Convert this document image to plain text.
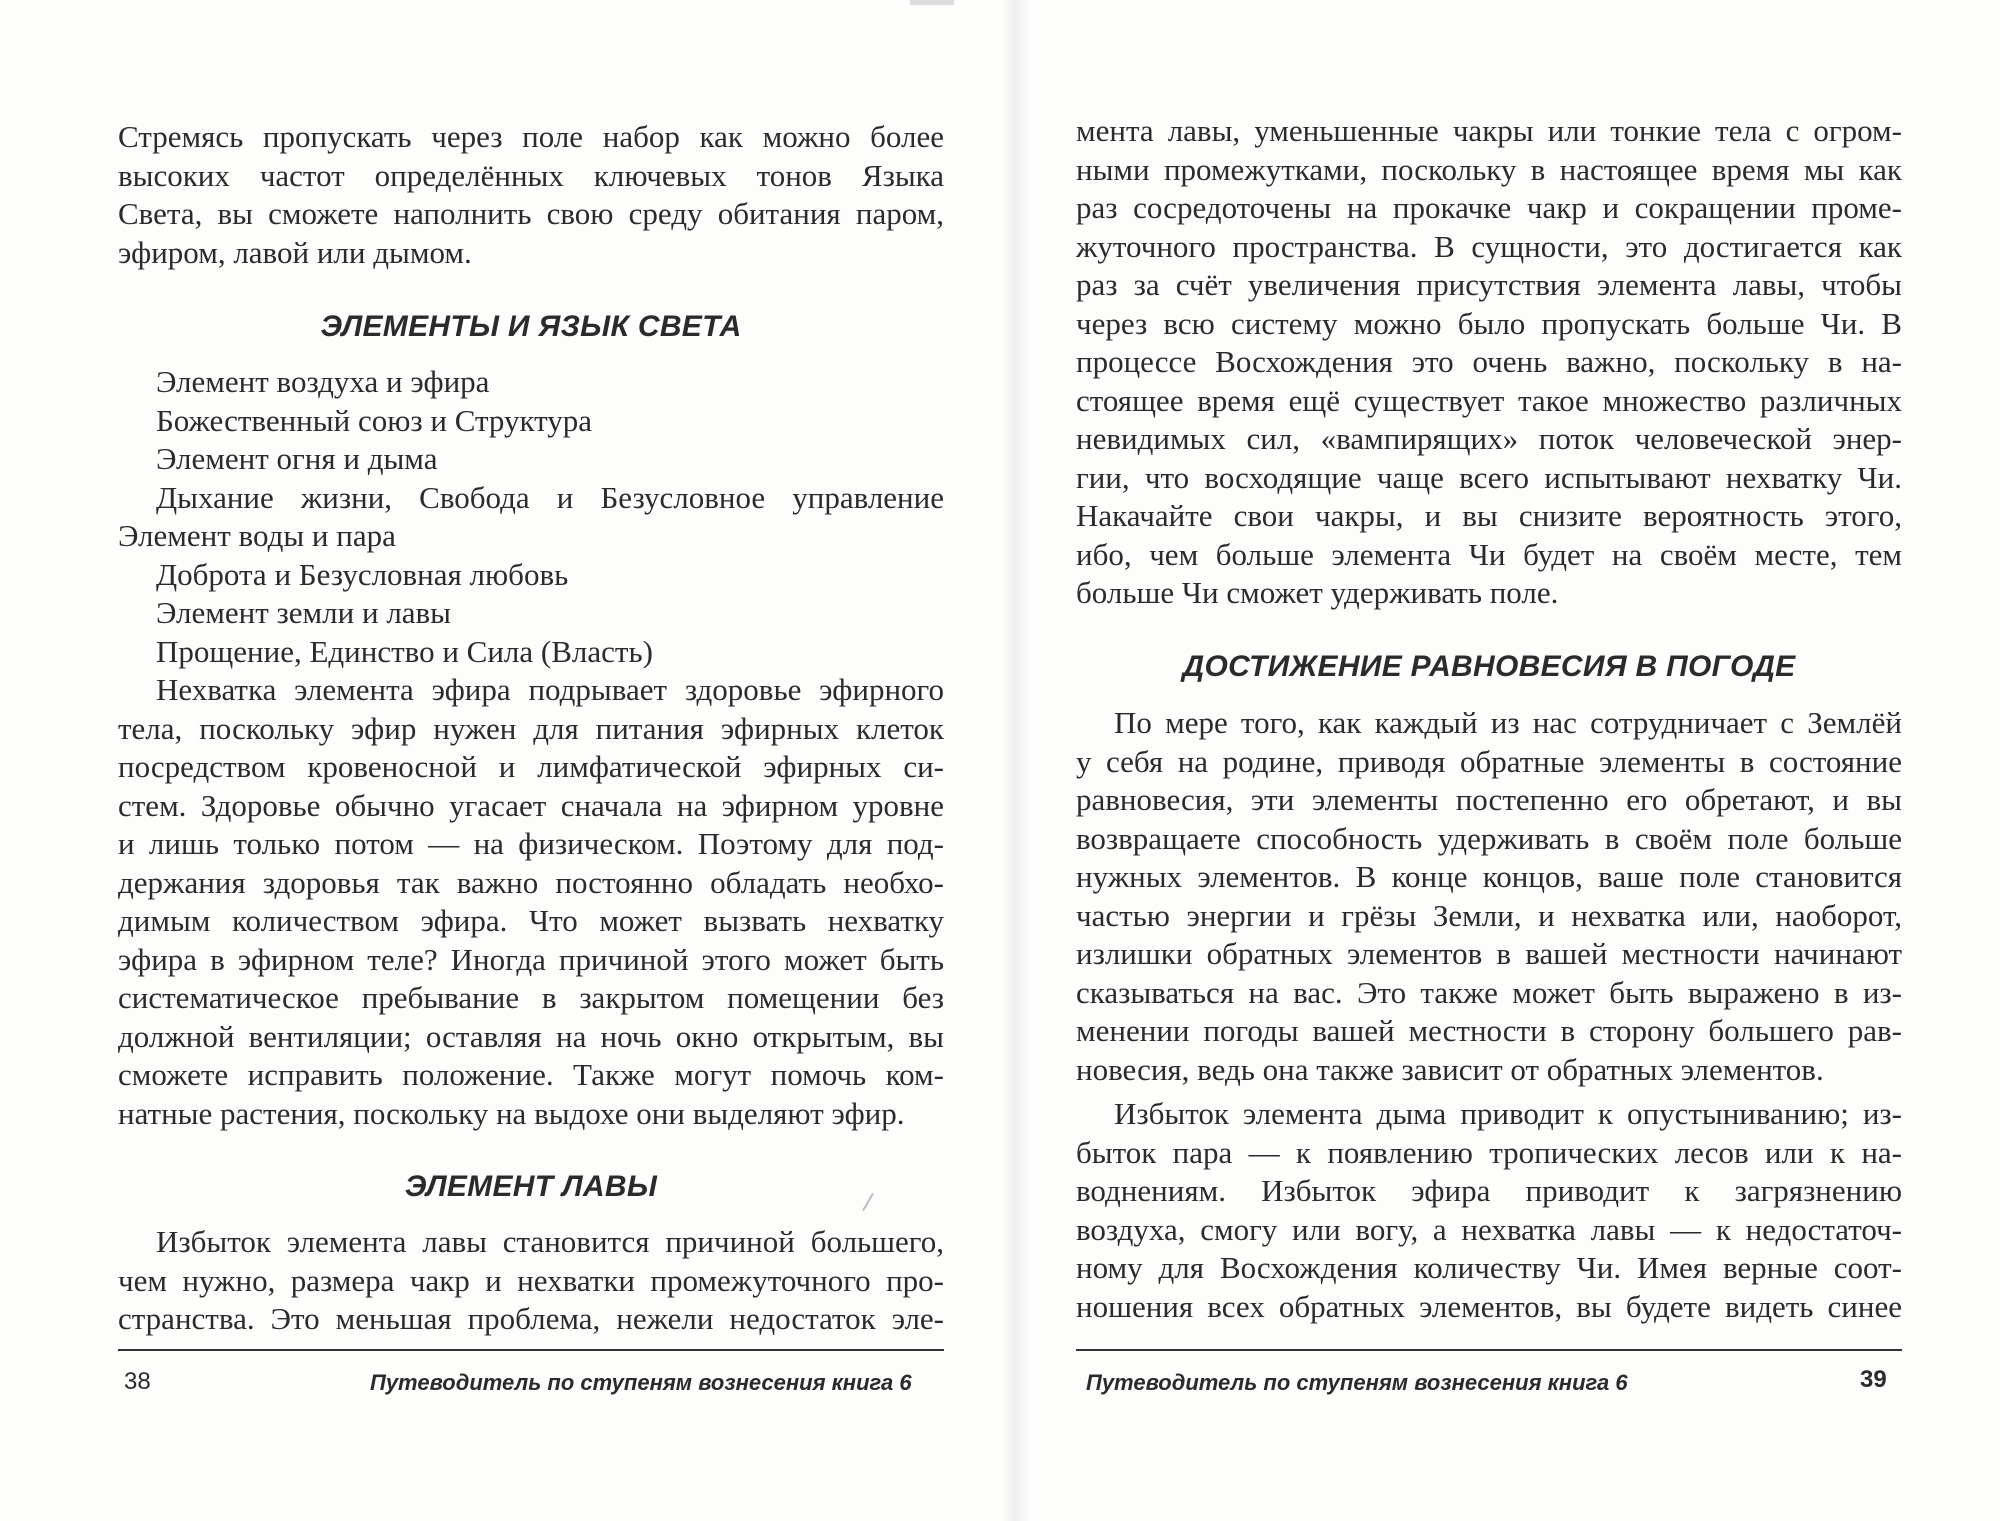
Стремясь пропускать через поле набор как можно более

высоких частот определённых ключевых тонов Языка

Света, вы сможете наполнить свою среду обитания паром,

эфиром, лавой или дымом.

ЭЛЕМЕНТЫ И ЯЗЫК СВЕТА

Элемент воздуха и эфира

Божественный союз и Структура

Элемент огня и дыма

Дыхание жизни, Свобода и Безусловное управление

Элемент воды и пара

Доброта и Безусловная любовь

Элемент земли и лавы

Прощение, Единство и Сила (Власть)

Нехватка элемента эфира подрывает здоровье эфирного

тела, поскольку эфир нужен для питания эфирных клеток

посредством кровеносной и лимфатической эфирных си-

стем. Здоровье обычно угасает сначала на эфирном уровне

и лишь только потом — на физическом. Поэтому для под-

держания здоровья так важно постоянно обладать необхо-

димым количеством эфира. Что может вызвать нехватку

эфира в эфирном теле? Иногда причиной этого может быть

систематическое пребывание в закрытом помещении без

должной вентиляции; оставляя на ночь окно открытым, вы

сможете исправить положение. Также могут помочь ком-

натные растения, поскольку на выдохе они выделяют эфир.

ЭЛЕМЕНТ ЛАВЫ

Избыток элемента лавы становится причиной большего,

чем нужно, размера чакр и нехватки промежуточного про-

странства. Это меньшая проблема, нежели недостаток эле-

38	Путеводитель по ступеням вознесения книга 6

мента лавы, уменьшенные чакры или тонкие тела с огром-

ными промежутками, поскольку в настоящее время мы как

раз сосредоточены на прокачке чакр и сокращении проме-

жуточного пространства. В сущности, это достигается как

раз за счёт увеличения присутствия элемента лавы, чтобы

через всю систему можно было пропускать больше Чи. В

процессе Восхождения это очень важно, поскольку в на-

стоящее время ещё существует такое множество различных

невидимых сил, «вампирящих» поток человеческой энер-

гии, что восходящие чаще всего испытывают нехватку Чи.

Накачайте свои чакры, и вы снизите вероятность этого,

ибо, чем больше элемента Чи будет на своём месте, тем

больше Чи сможет удерживать поле.

ДОСТИЖЕНИЕ РАВНОВЕСИЯ В ПОГОДЕ

По мере того, как каждый из нас сотрудничает с Землёй

у себя на родине, приводя обратные элементы в состояние

равновесия, эти элементы постепенно его обретают, и вы

возвращаете способность удерживать в своём поле больше

нужных элементов. В конце концов, ваше поле становится

частью энергии и грёзы Земли, и нехватка или, наоборот,

излишки обратных элементов в вашей местности начинают

сказываться на вас. Это также может быть выражено в из-

менении погоды вашей местности в сторону большего рав-

новесия, ведь она также зависит от обратных элементов.

Избыток элемента дыма приводит к опустыниванию; из-

быток пара — к появлению тропических лесов или к на-

воднениям. Избыток эфира приводит к загрязнению

воздуха, смогу или вогу, а нехватка лавы — к недостаточ-

ному для Восхождения количеству Чи. Имея верные соот-

ношения всех обратных элементов, вы будете видеть синее

Путеводитель по ступеням вознесения книга 6	39
